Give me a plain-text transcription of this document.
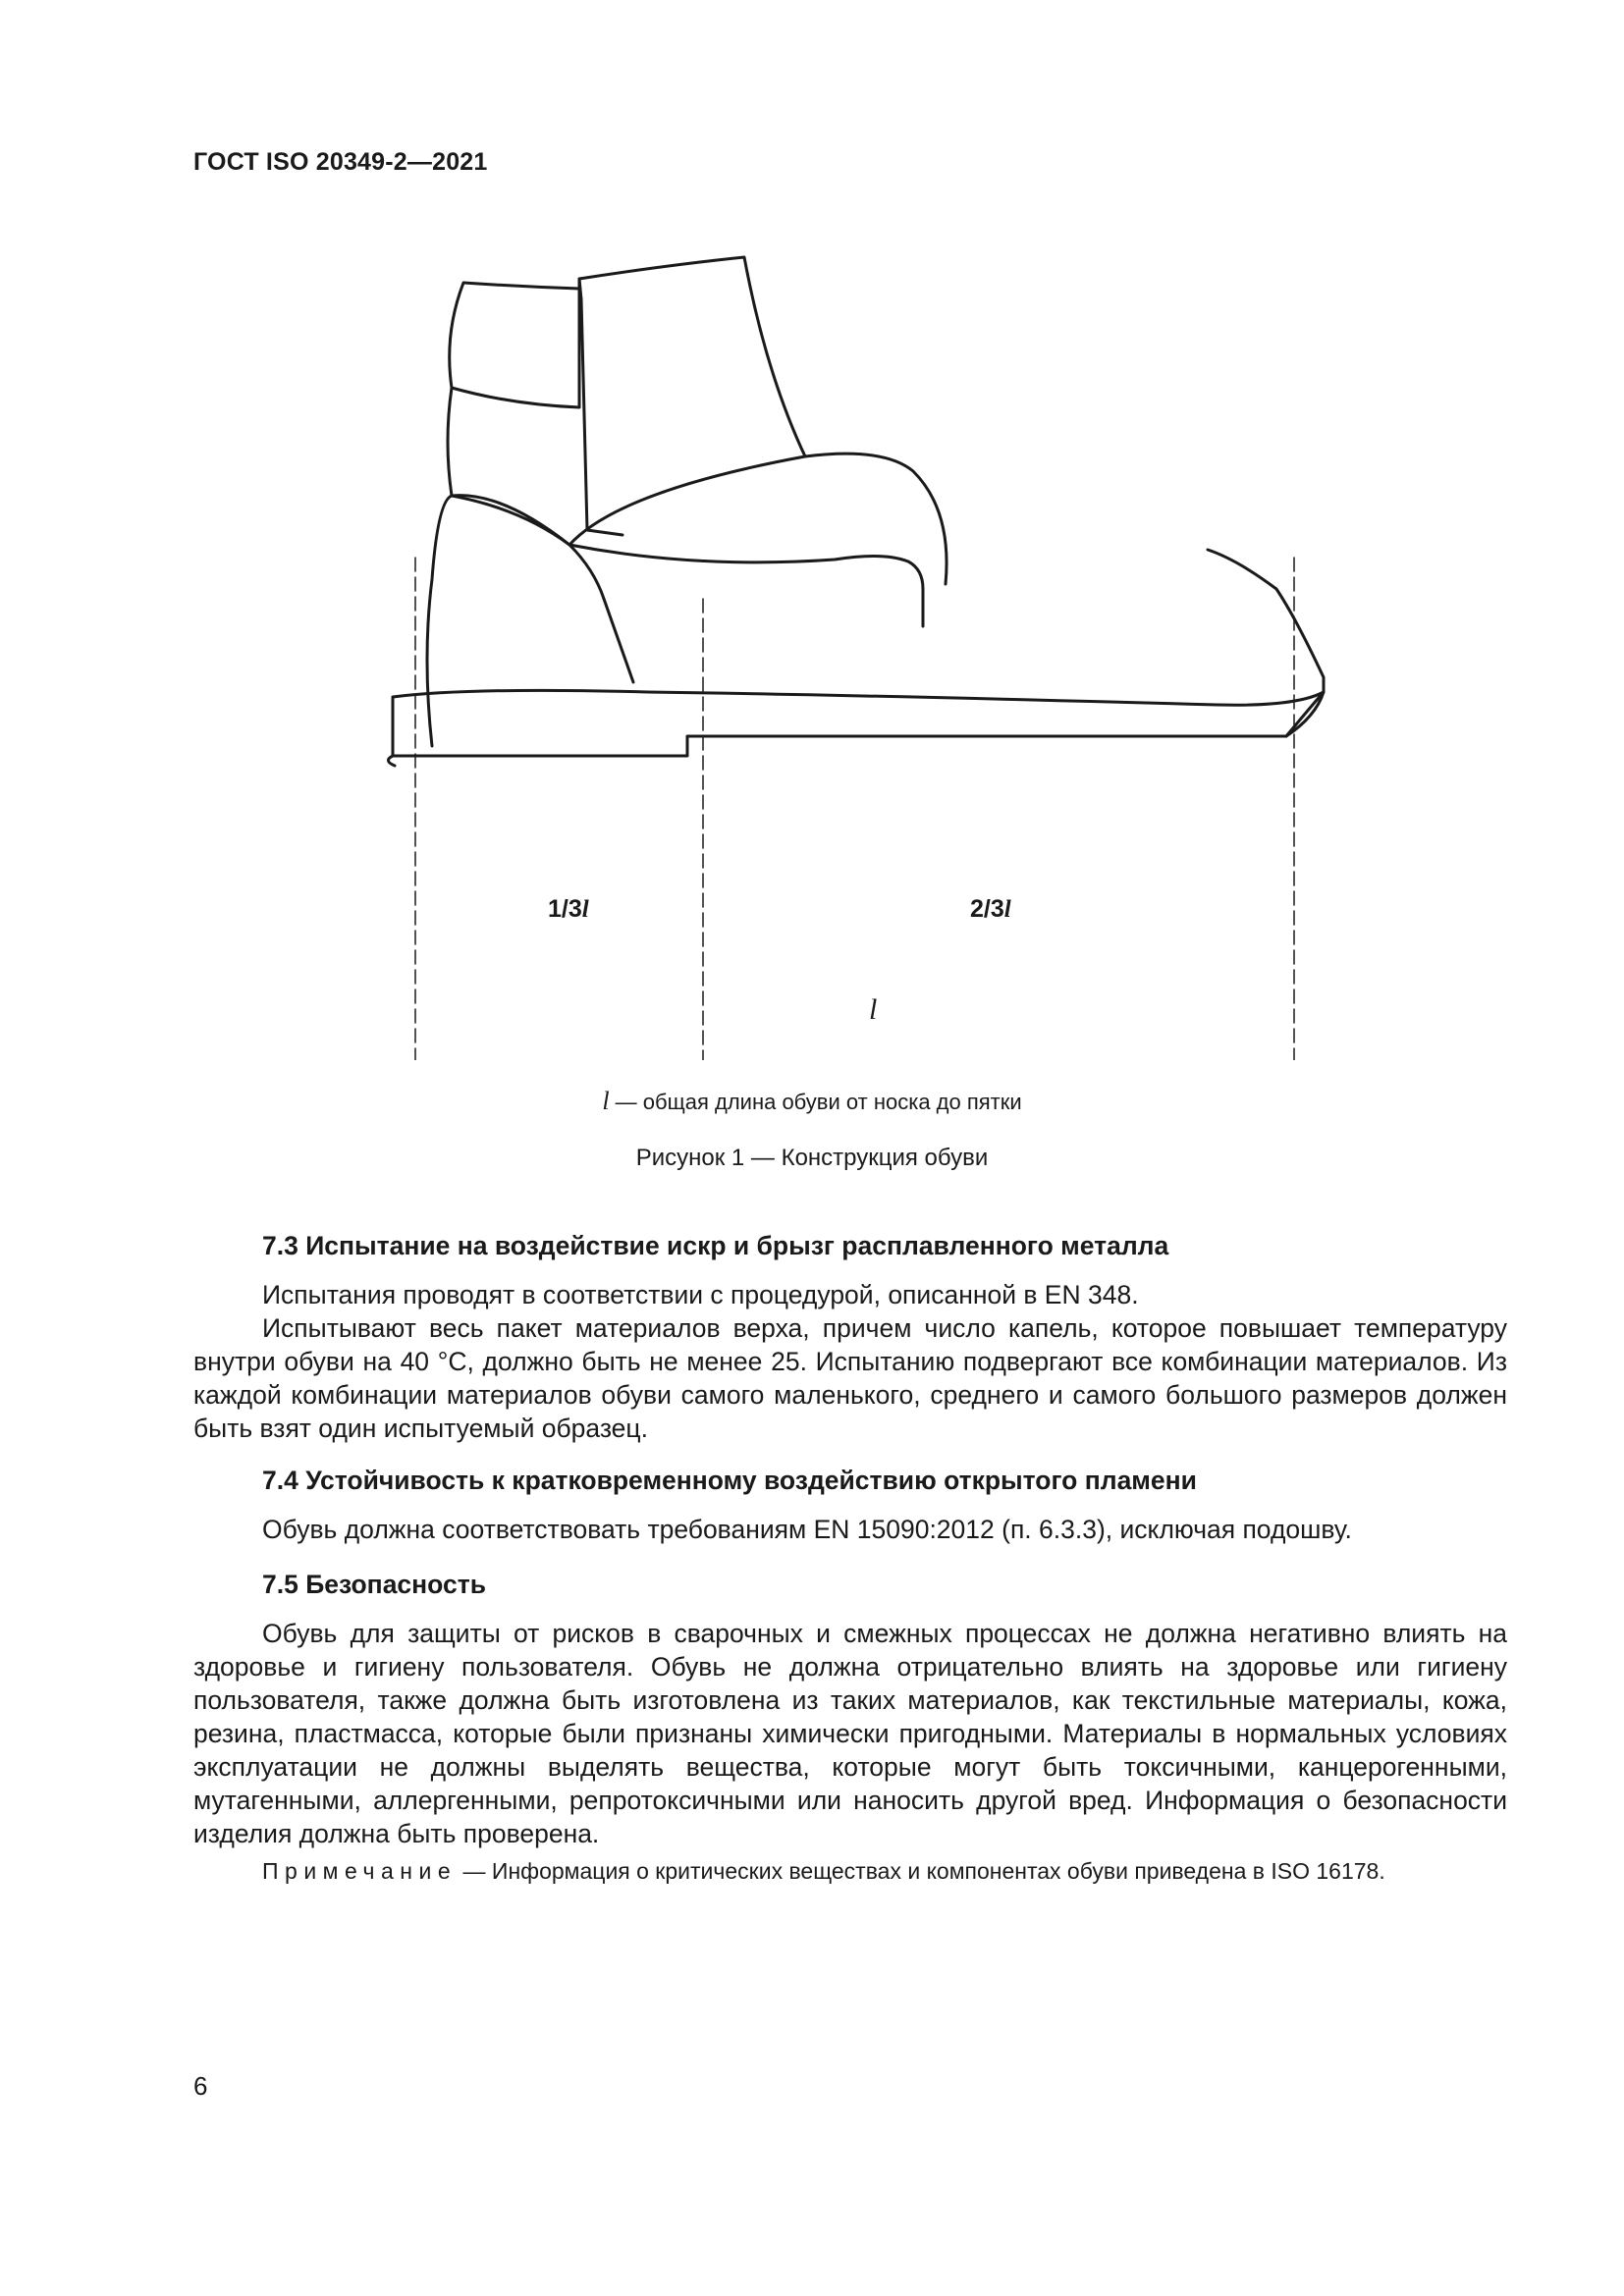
ГОСТ ISO 20349-2—2021
1/3l	2/3l
l
l — общая длина обуви от носка до пятки
Рисунок 1 — Конструкция обуви
7.3 Испытание на воздействие искр и брызг расплавленного металла

Испытания проводят в соответствии с процедурой, описанной в EN 348.

Испытывают весь пакет материалов верха, причем число капель, которое повышает температуру внутри обуви на 40 °С, должно быть не менее 25. Испытанию подвергают все комбинации материалов. Из каждой комбинации материалов обуви самого маленького, среднего и самого большого размеров должен быть взят один испытуемый образец.

7.4 Устойчивость к кратковременному воздействию открытого пламени

Обувь должна соответствовать требованиям EN 15090:2012 (п. 6.3.3), исключая подошву.

7.5 Безопасность

Обувь для защиты от рисков в сварочных и смежных процессах не должна негативно влиять на здоровье и гигиену пользователя. Обувь не должна отрицательно влиять на здоровье или гигиену пользователя, также должна быть изготовлена из таких материалов, как текстильные материалы, кожа, резина, пластмасса, которые были признаны химически пригодными. Материалы в нормальных условиях эксплуатации не должны выделять вещества, которые могут быть токсичными, канцерогенными, мутагенными, аллергенными, репротоксичными или наносить другой вред. Информация о безопасности изделия должна быть проверена.

Примечание — Информация о критических веществах и компонентах обуви приведена в ISO 16178.
6
